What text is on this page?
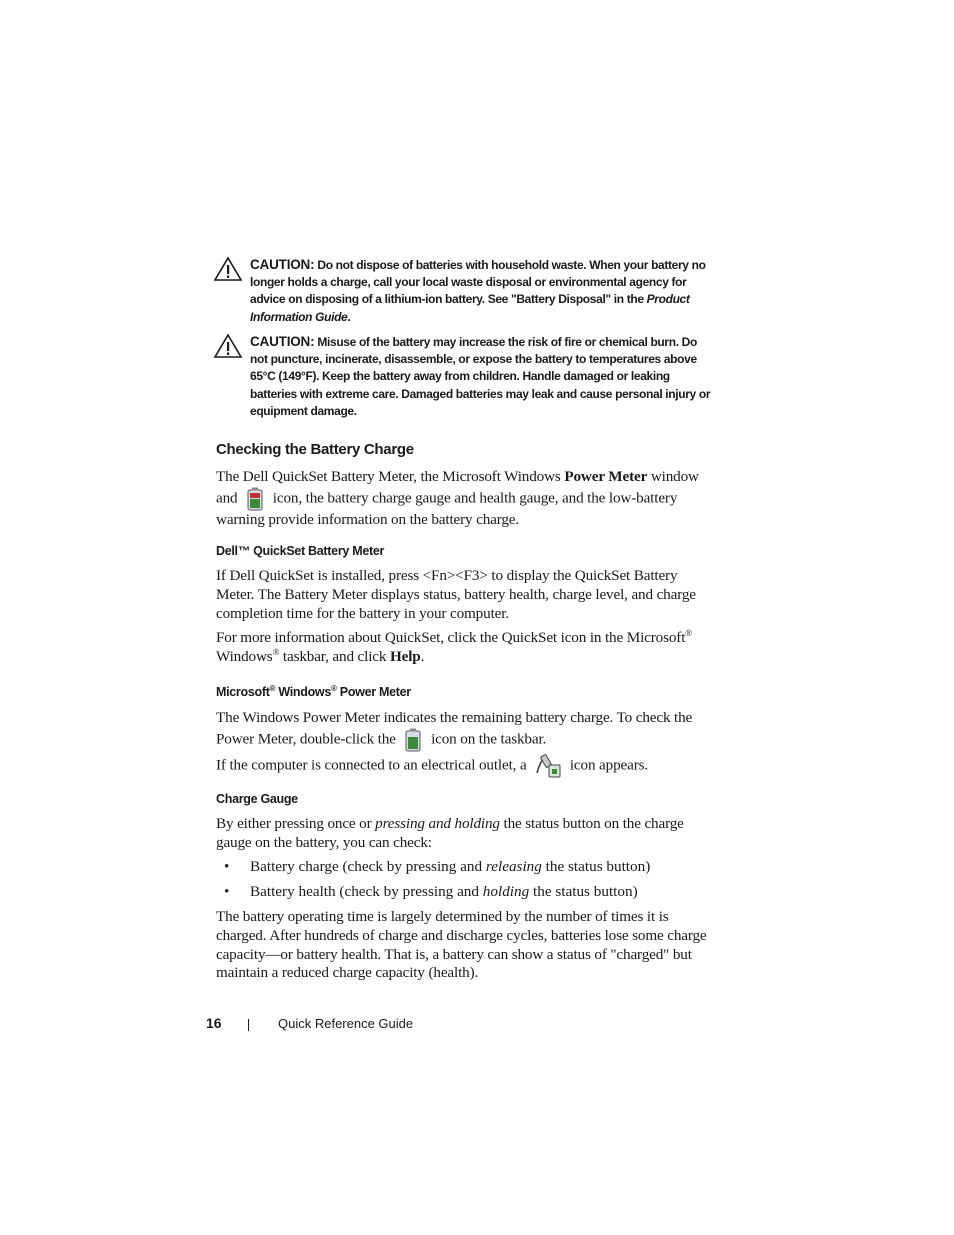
CAUTION: Do not dispose of batteries with household waste. When your battery no longer holds a charge, call your local waste disposal or environmental agency for advice on disposing of a lithium-ion battery. See "Battery Disposal" in the Product Information Guide.
CAUTION: Misuse of the battery may increase the risk of fire or chemical burn. Do not puncture, incinerate, disassemble, or expose the battery to temperatures above 65°C (149°F). Keep the battery away from children. Handle damaged or leaking batteries with extreme care. Damaged batteries may leak and cause personal injury or equipment damage.
Checking the Battery Charge

The Dell QuickSet Battery Meter, the Microsoft Windows Power Meter window and  icon, the battery charge gauge and health gauge, and the low-battery warning provide information on the battery charge.

Dell™ QuickSet Battery Meter

If Dell QuickSet is installed, press <Fn><F3> to display the QuickSet Battery Meter. The Battery Meter displays status, battery health, charge level, and charge completion time for the battery in your computer.

For more information about QuickSet, click the QuickSet icon in the Microsoft® Windows® taskbar, and click Help.

Microsoft® Windows® Power Meter

The Windows Power Meter indicates the remaining battery charge. To check the Power Meter, double-click the  icon on the taskbar.

If the computer is connected to an electrical outlet, a  icon appears.

Charge Gauge

By either pressing once or pressing and holding the status button on the charge gauge on the battery, you can check:

• Battery charge (check by pressing and releasing the status button)
• Battery health (check by pressing and holding the status button)

The battery operating time is largely determined by the number of times it is charged. After hundreds of charge and discharge cycles, batteries lose some charge capacity—or battery health. That is, a battery can show a status of "charged" but maintain a reduced charge capacity (health).

16	Quick Reference Guide
